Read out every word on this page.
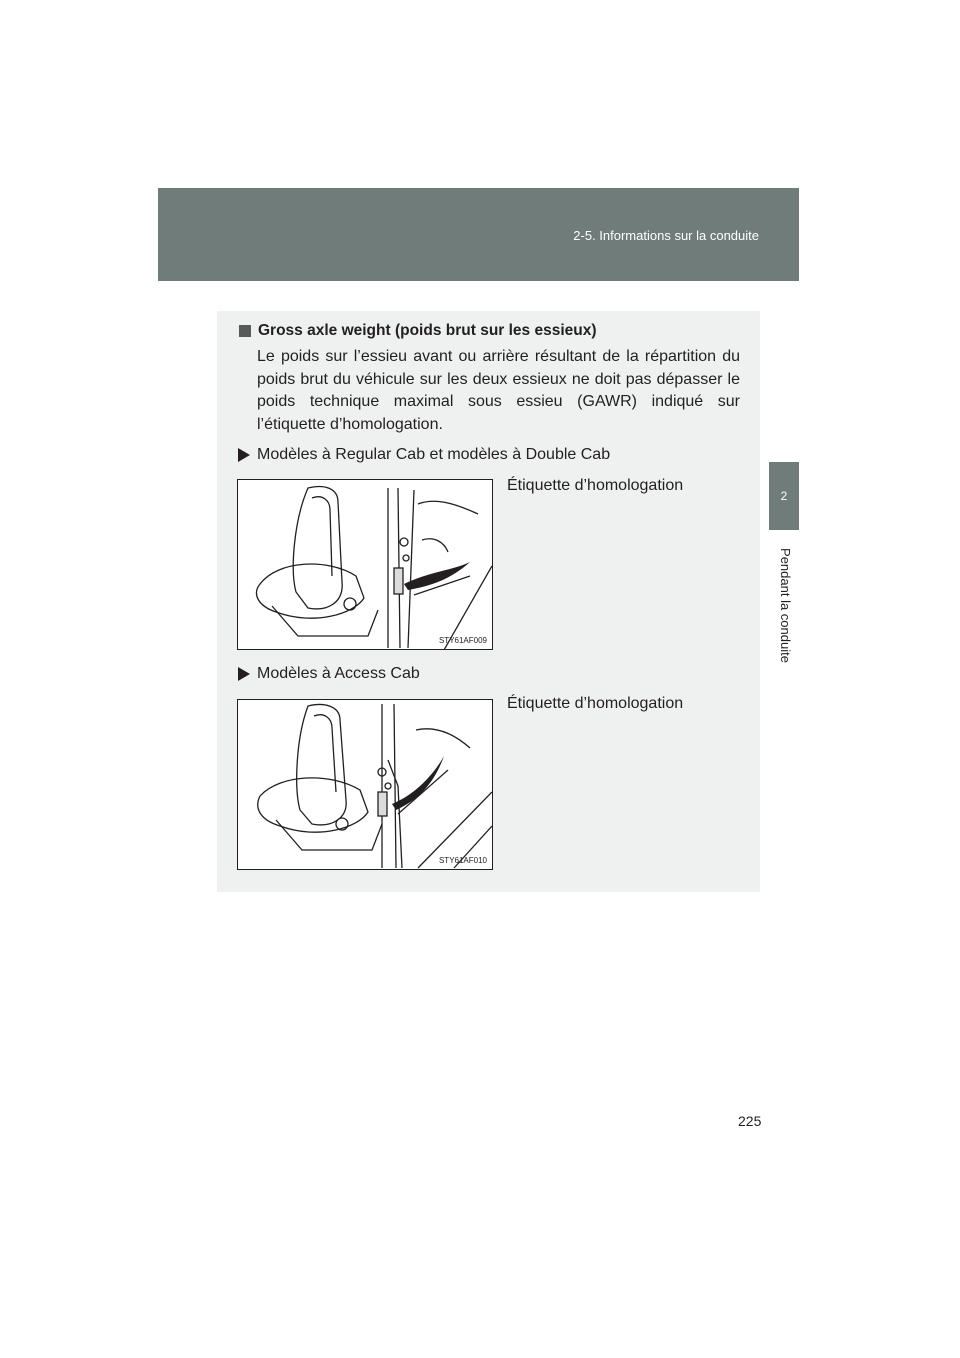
2-5. Informations sur la conduite
2
Pendant la conduite
Gross axle weight (poids brut sur les essieux)
Le poids sur l’essieu avant ou arrière résultant de la répartition du poids brut du véhicule sur les deux essieux ne doit pas dépasser le poids technique maximal sous essieu (GAWR) indiqué sur l’étiquette d’homologation.
Modèles à Regular Cab et modèles à Double Cab
Étiquette d’homologation
STY61AF009
Modèles à Access Cab
Étiquette d’homologation
STY61AF010
225
